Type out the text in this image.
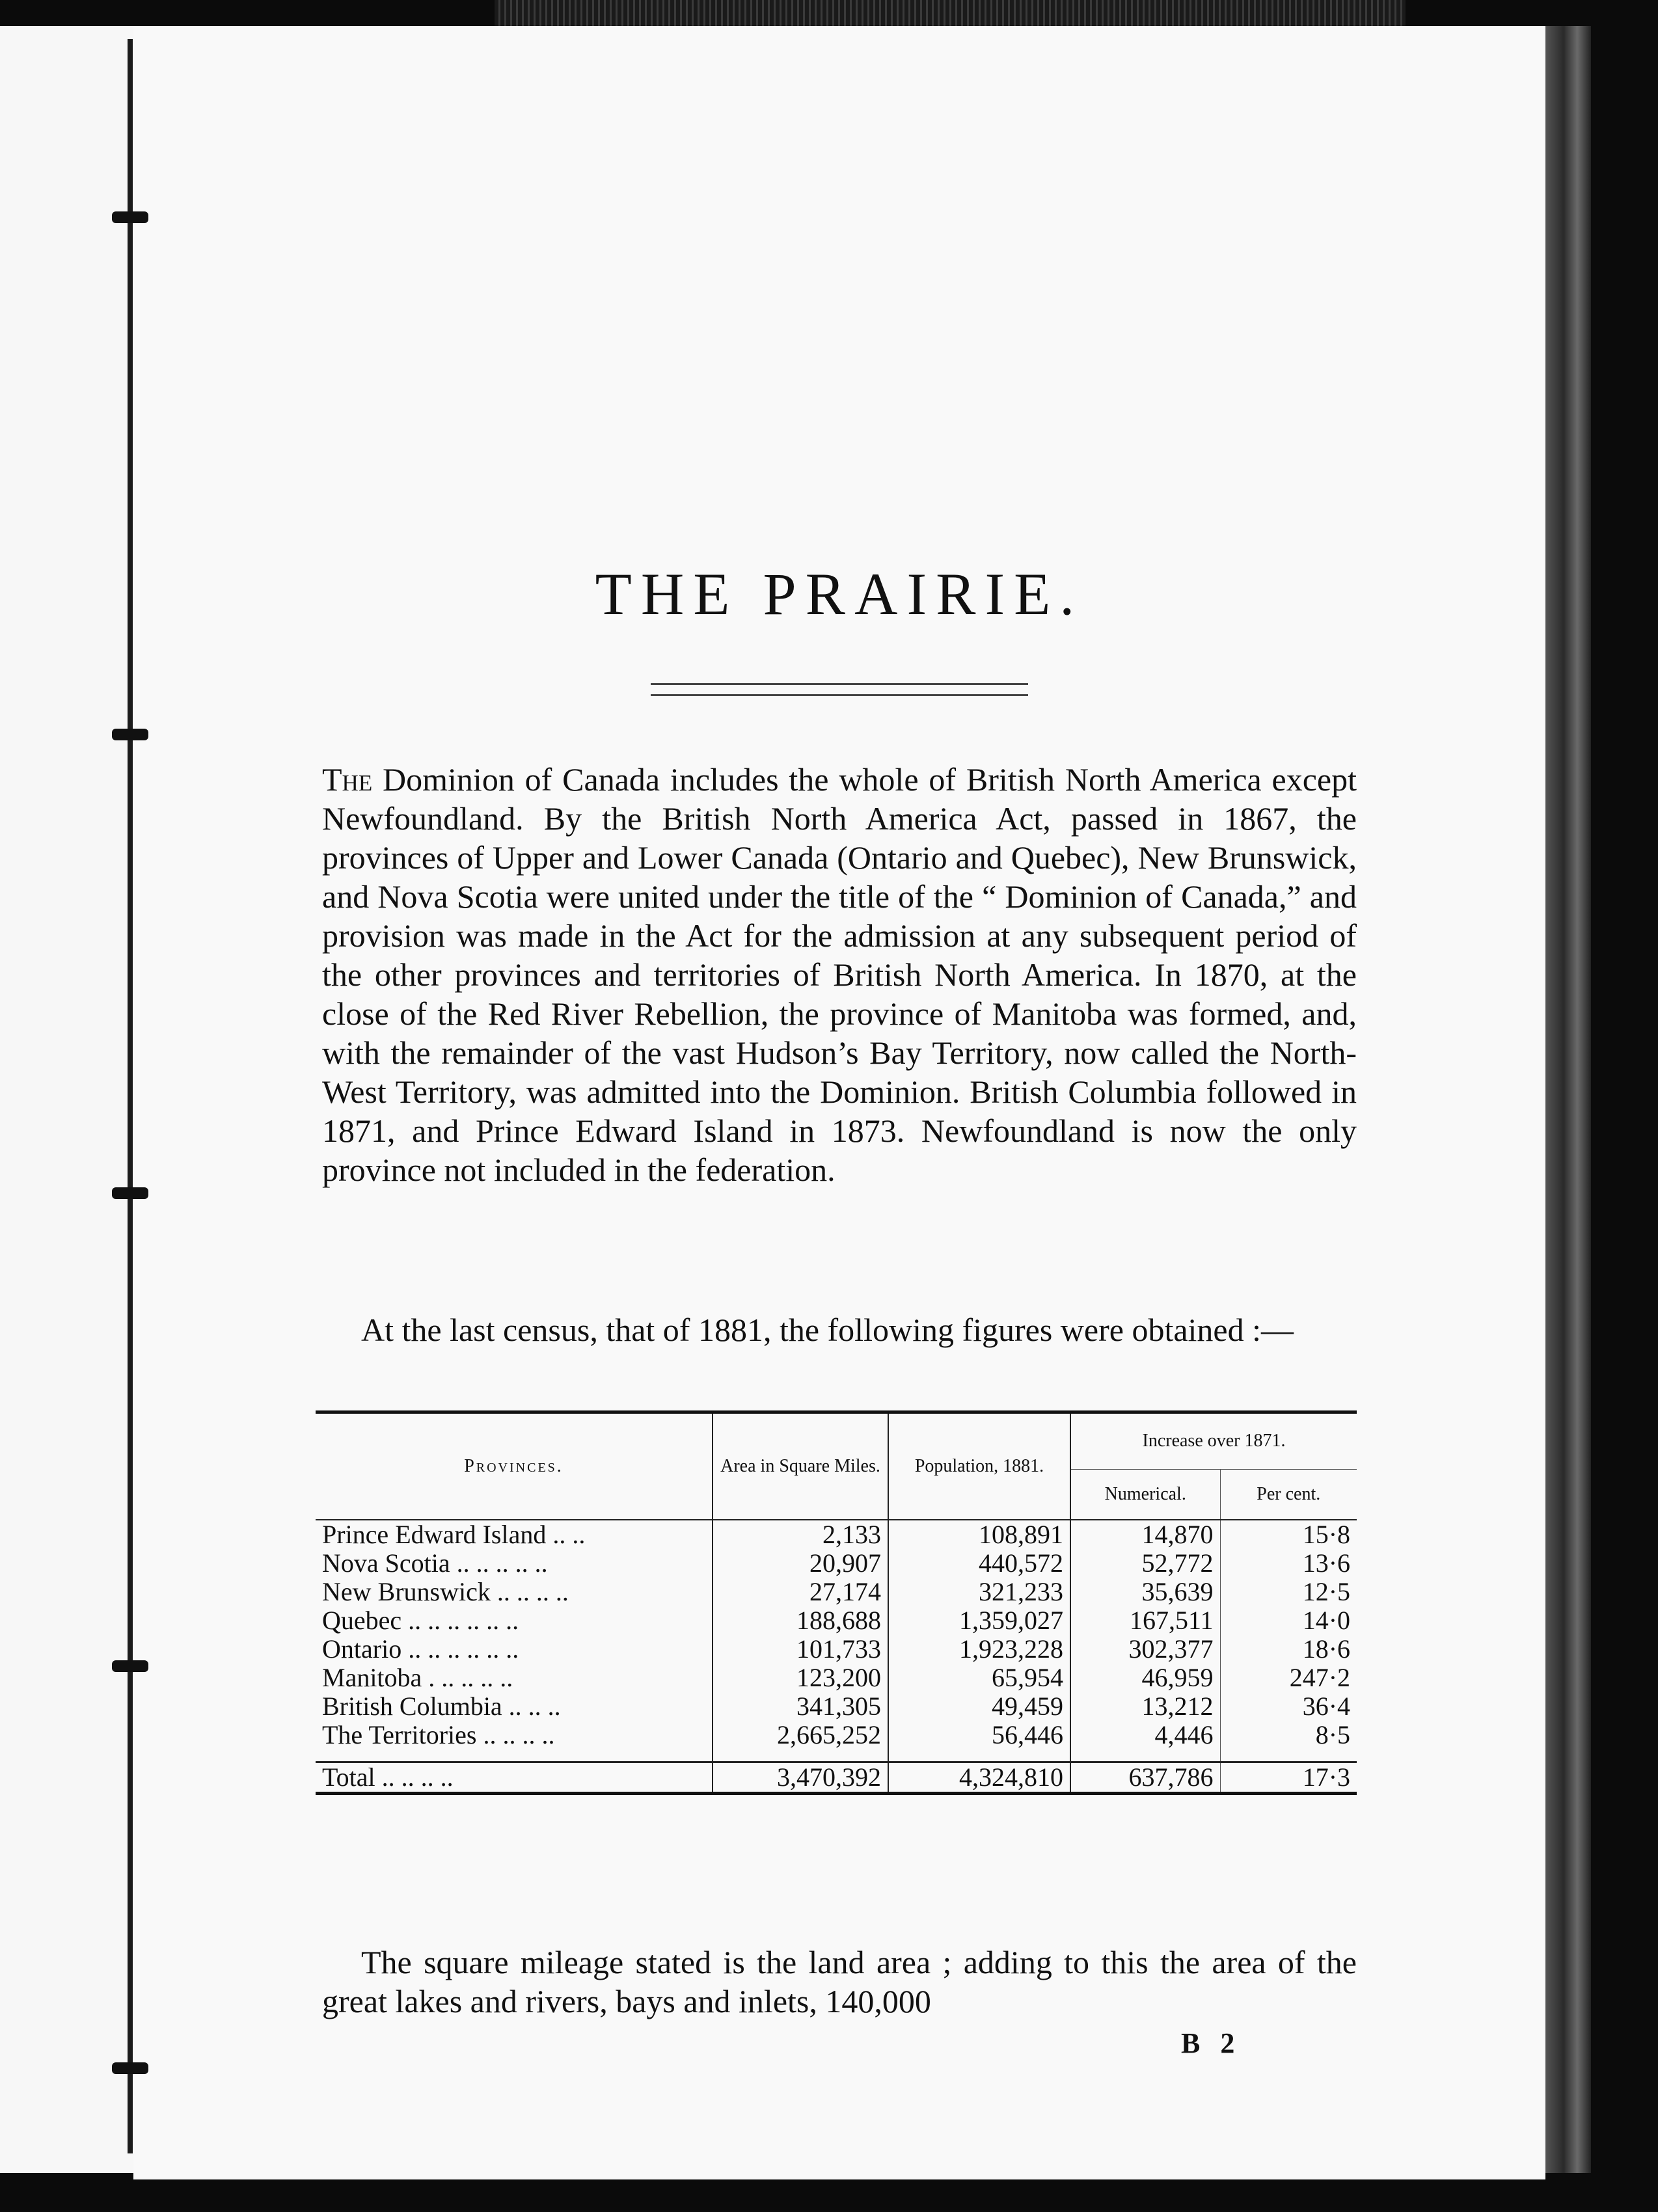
THE PRAIRIE.

The Dominion of Canada includes the whole of British North America except Newfoundland. By the British North America Act, passed in 1867, the provinces of Upper and Lower Canada (Ontario and Quebec), New Brunswick, and Nova Scotia were united under the title of the “ Dominion of Canada,” and provision was made in the Act for the admission at any subsequent period of the other provinces and territories of British North America. In 1870, at the close of the Red River Rebellion, the province of Manitoba was formed, and, with the remainder of the vast Hudson’s Bay Territory, now called the North-West Territory, was admitted into the Dominion. British Columbia followed in 1871, and Prince Edward Island in 1873. Newfoundland is now the only province not included in the federation.

At the last census, that of 1881, the following figures were obtained :—

Provinces.	Area in Square Miles.	Population, 1881.	Increase over 1871.	
			Numerical.	Per cent.
Prince Edward Island .. ..	2,133	108,891	14,870	15·8
Nova Scotia .. .. .. .. ..	20,907	440,572	52,772	13·6
New Brunswick .. .. .. ..	27,174	321,233	35,639	12·5
Quebec .. .. .. .. .. ..	188,688	1,359,027	167,511	14·0
Ontario .. .. .. .. .. ..	101,733	1,923,228	302,377	18·6
Manitoba . .. .. .. ..	123,200	65,954	46,959	247·2
British Columbia .. .. ..	341,305	49,459	13,212	36·4
The Territories .. .. .. ..	2,665,252	56,446	4,446	8·5

Total .. .. .. ..	3,470,392	4,324,810	637,786	17·3

The square mileage stated is the land area ; adding to this the area of the great lakes and rivers, bays and inlets, 140,000

B 2
